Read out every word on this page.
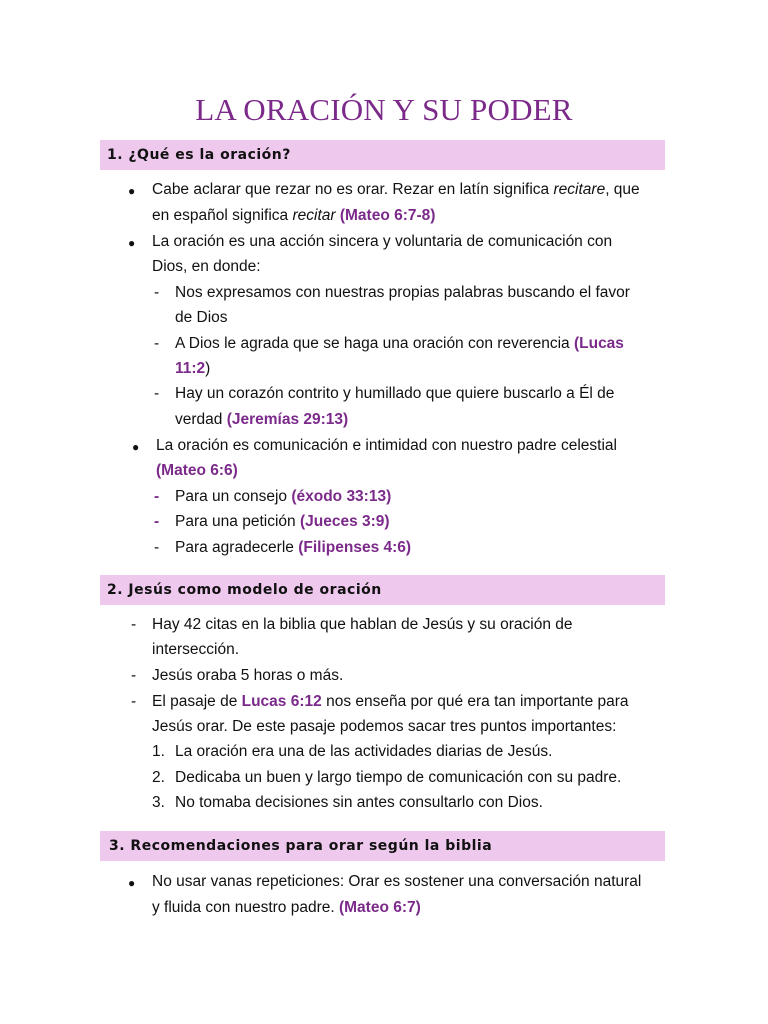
LA ORACIÓN Y SU PODER
1. ¿Qué es la oración?
● Cabe aclarar que rezar no es orar. Rezar en latín significa recitare, que
en español significa recitar (Mateo 6:7-8)
● La oración es una acción sincera y voluntaria de comunicación con
Dios, en donde:
- Nos expresamos con nuestras propias palabras buscando el favor
de Dios
- A Dios le agrada que se haga una oración con reverencia (Lucas
11:2)
- Hay un corazón contrito y humillado que quiere buscarlo a Él de
verdad (Jeremías 29:13)
● La oración es comunicación e intimidad con nuestro padre celestial
(Mateo 6:6)
- Para un consejo (éxodo 33:13)
- Para una petición (Jueces 3:9)
- Para agradecerle (Filipenses 4:6)
2. Jesús como modelo de oración
- Hay 42 citas en la biblia que hablan de Jesús y su oración de
intersección.
- Jesús oraba 5 horas o más.
- El pasaje de Lucas 6:12 nos enseña por qué era tan importante para
Jesús orar. De este pasaje podemos sacar tres puntos importantes:
1. La oración era una de las actividades diarias de Jesús.
2. Dedicaba un buen y largo tiempo de comunicación con su padre.
3. No tomaba decisiones sin antes consultarlo con Dios.
3. Recomendaciones para orar según la biblia
● No usar vanas repeticiones: Orar es sostener una conversación natural
y fluida con nuestro padre. (Mateo 6:7)
